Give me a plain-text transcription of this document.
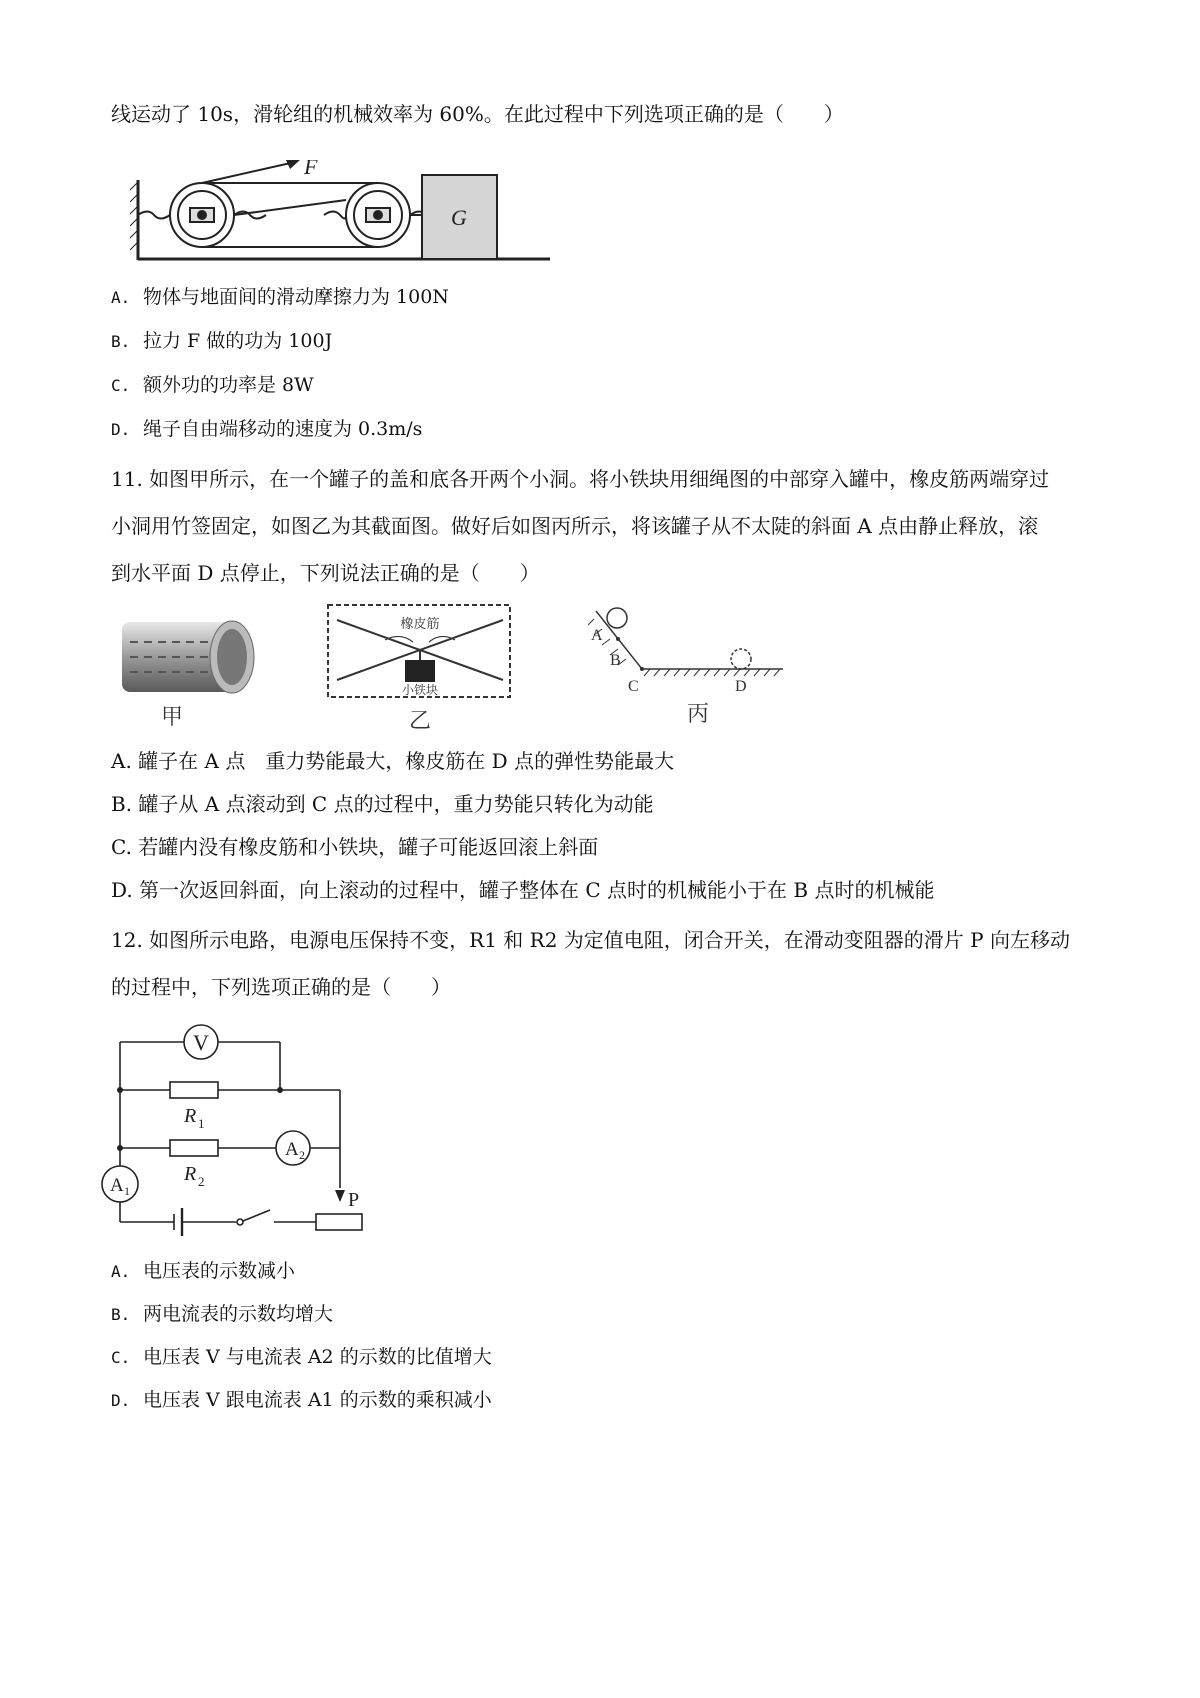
线运动了 10s，滑轮组的机械效率为 60%。在此过程中下列选项正确的是（　　）
F
G
A. 物体与地面间的滑动摩擦力为 100N
B. 拉力 F 做的功为 100J
C. 额外功的功率是 8W
D. 绳子自由端移动的速度为 0.3m/s
11. 如图甲所示，在一个罐子的盖和底各开两个小洞。将小铁块用细绳图的中部穿入罐中，橡皮筋两端穿过
小洞用竹签固定，如图乙为其截面图。做好后如图丙所示，将该罐子从不太陡的斜面 A 点由静止释放，滚
到水平面 D 点停止，下列说法正确的是（　　）
甲
橡皮筋
小铁块
乙
A
B
C	D
丙
A. 罐子在 A 点　重力势能最大，橡皮筋在 D 点的弹性势能最大
B. 罐子从 A 点滚动到 C 点的过程中，重力势能只转化为动能
C. 若罐内没有橡皮筋和小铁块，罐子可能返回滚上斜面
D. 第一次返回斜面，向上滚动的过程中，罐子整体在 C 点时的机械能小于在 B 点时的机械能
12. 如图所示电路，电源电压保持不变，R1 和 R2 为定值电阻，闭合开关，在滑动变阻器的滑片 P 向左移动
的过程中，下列选项正确的是（　　）
V
R 1
R 2
A 2
A 1	P
A. 电压表的示数减小
B. 两电流表的示数均增大
C. 电压表 V 与电流表 A2 的示数的比值增大
D. 电压表 V 跟电流表 A1 的示数的乘积减小
